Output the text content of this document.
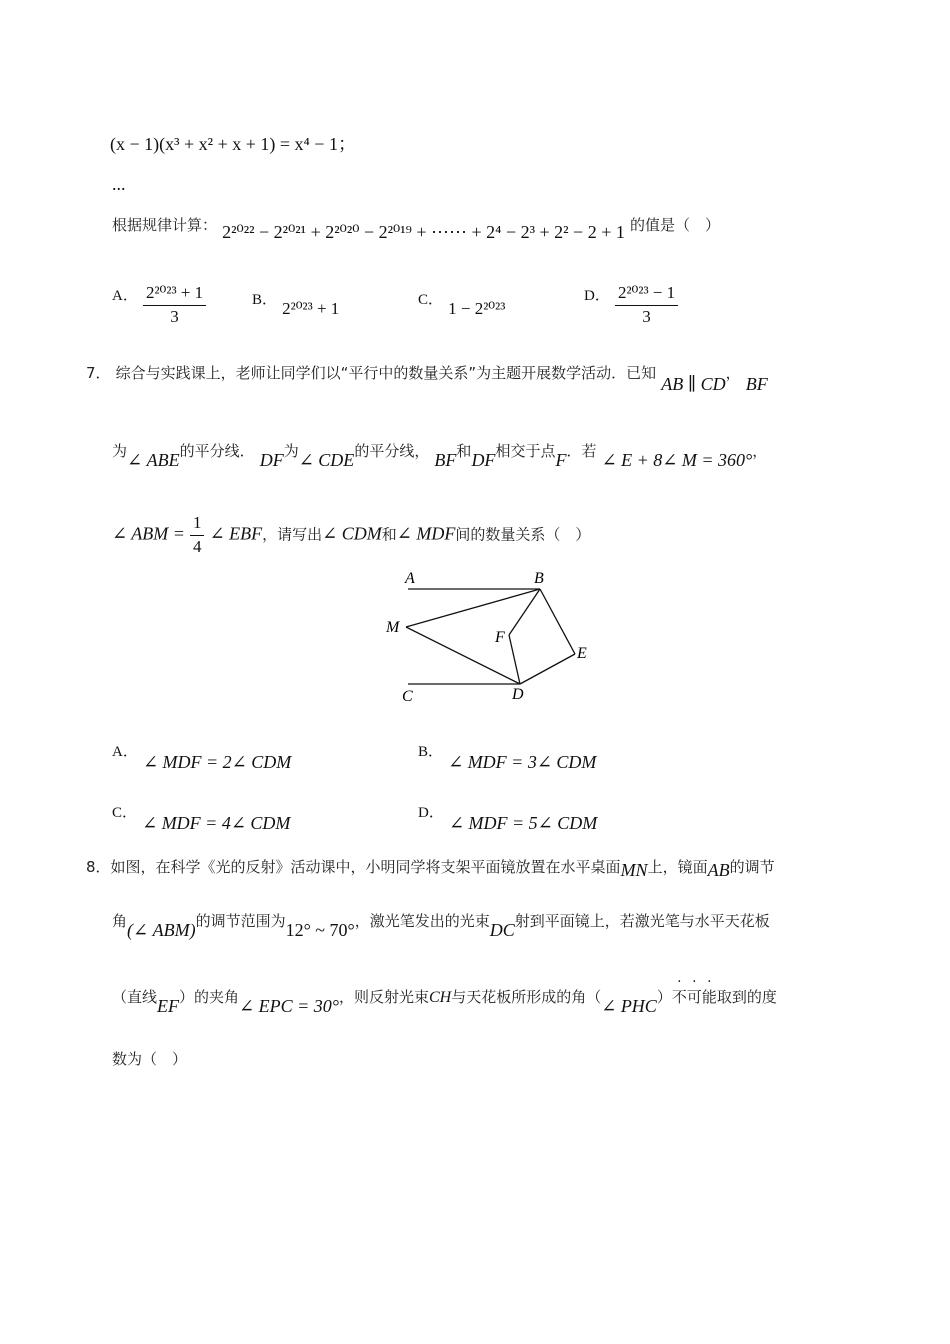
(x − 1)(x³ + x² + x + 1) = x⁴ − 1；
...
根据规律计算： 2²⁰²² − 2²⁰²¹ + 2²⁰²⁰ − 2²⁰¹⁹ + ⋯⋯ + 2⁴ − 2³ + 2² − 2 + 1 的值是（　）
A． $\frac{\text{2²⁰²³ + 1}}{3}$	B． 2²⁰²³ + 1	C． 1 − 2²⁰²³
D． $\frac{\text{2²⁰²³ − 1}}{3}$
7． 综合与实践课上，老师让同学们以“平行中的数量关系”为主题开展数学活动．已知 AB ∥ CD， BF
为∠ ABE的平分线． DF为∠ CDE的平分线， BF和DF相交于点F．若 ∠ E + 8∠ M = 360°，
∠ ABM = $\frac{1}{4}$ ∠ EBF，请写出∠ CDM和∠ MDF间的数量关系（　）
A	B
M
F
E
C	D
A． ∠ MDF = 2∠ CDM	B． ∠ MDF = 3∠ CDM
C． ∠ MDF = 4∠ CDM	D． ∠ MDF = 5∠ CDM
8．如图，在科学《光的反射》活动课中，小明同学将支架平面镜放置在水平桌面MN上，镜面AB的调节
角(∠ ABM)的调节范围为12° ~ 70°，激光笔发出的光束DC射到平面镜上，若激光笔与水平天花板
（直线EF）的夹角∠ EPC = 30°，则反射光束CH与天花板所形成的角（∠ PHC）不可能取到的度
数为（　）
